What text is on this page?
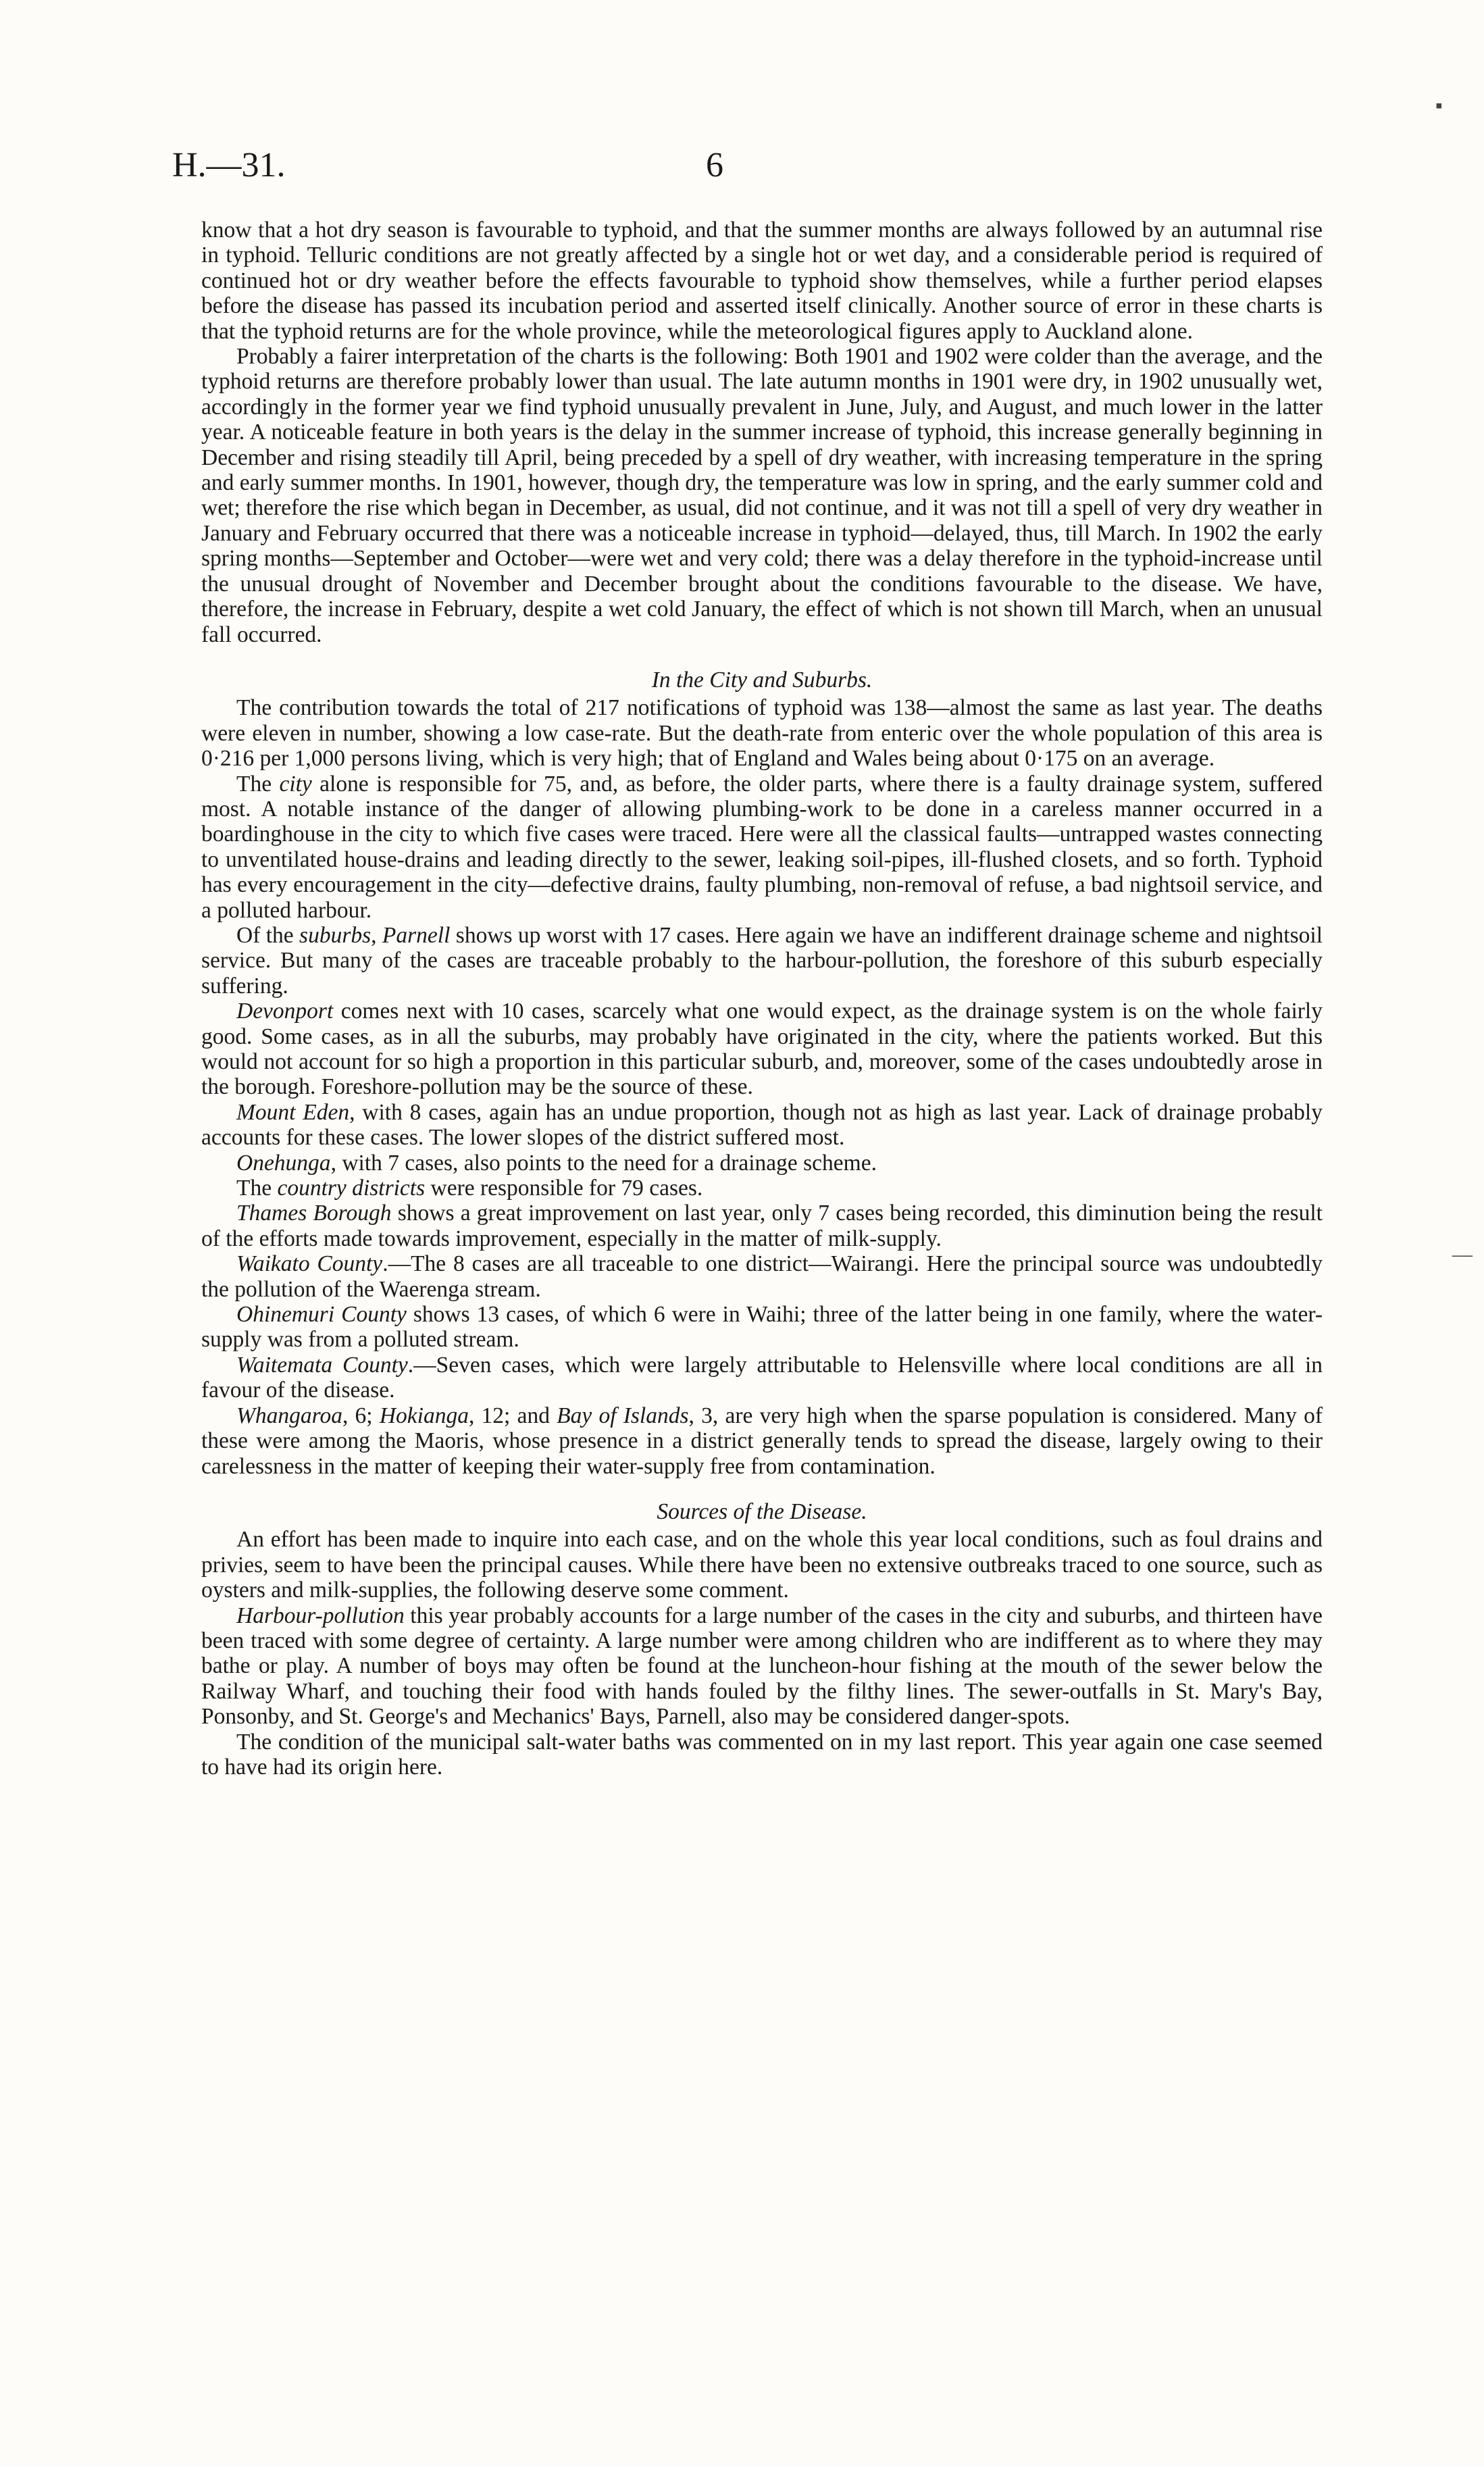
H.—31.	6

know that a hot dry season is favourable to typhoid, and that the summer months are always followed by an autumnal rise in typhoid. Telluric conditions are not greatly affected by a single hot or wet day, and a considerable period is required of continued hot or dry weather before the effects favourable to typhoid show themselves, while a further period elapses before the disease has passed its incubation period and asserted itself clinically. Another source of error in these charts is that the typhoid returns are for the whole province, while the meteorological figures apply to Auckland alone.

Probably a fairer interpretation of the charts is the following: Both 1901 and 1902 were colder than the average, and the typhoid returns are therefore probably lower than usual. The late autumn months in 1901 were dry, in 1902 unusually wet, accordingly in the former year we find typhoid unusually prevalent in June, July, and August, and much lower in the latter year. A noticeable feature in both years is the delay in the summer increase of typhoid, this increase generally beginning in December and rising steadily till April, being preceded by a spell of dry weather, with increasing temperature in the spring and early summer months. In 1901, however, though dry, the temperature was low in spring, and the early summer cold and wet; therefore the rise which began in December, as usual, did not continue, and it was not till a spell of very dry weather in January and February occurred that there was a noticeable increase in typhoid—delayed, thus, till March. In 1902 the early spring months—September and October—were wet and very cold; there was a delay therefore in the typhoid-increase until the unusual drought of November and December brought about the conditions favourable to the disease. We have, therefore, the increase in February, despite a wet cold January, the effect of which is not shown till March, when an unusual fall occurred.

In the City and Suburbs.

The contribution towards the total of 217 notifications of typhoid was 138—almost the same as last year. The deaths were eleven in number, showing a low case-rate. But the death-rate from enteric over the whole population of this area is 0·216 per 1,000 persons living, which is very high; that of England and Wales being about 0·175 on an average.

The city alone is responsible for 75, and, as before, the older parts, where there is a faulty drainage system, suffered most. A notable instance of the danger of allowing plumbing-work to be done in a careless manner occurred in a boardinghouse in the city to which five cases were traced. Here were all the classical faults—untrapped wastes connecting to unventilated house-drains and leading directly to the sewer, leaking soil-pipes, ill-flushed closets, and so forth. Typhoid has every encouragement in the city—defective drains, faulty plumbing, non-removal of refuse, a bad nightsoil service, and a polluted harbour.

Of the suburbs, Parnell shows up worst with 17 cases. Here again we have an indifferent drainage scheme and nightsoil service. But many of the cases are traceable probably to the harbour-pollution, the foreshore of this suburb especially suffering.

Devonport comes next with 10 cases, scarcely what one would expect, as the drainage system is on the whole fairly good. Some cases, as in all the suburbs, may probably have originated in the city, where the patients worked. But this would not account for so high a proportion in this particular suburb, and, moreover, some of the cases undoubtedly arose in the borough. Foreshore-pollution may be the source of these.

Mount Eden, with 8 cases, again has an undue proportion, though not as high as last year. Lack of drainage probably accounts for these cases. The lower slopes of the district suffered most.

Onehunga, with 7 cases, also points to the need for a drainage scheme.

The country districts were responsible for 79 cases.

Thames Borough shows a great improvement on last year, only 7 cases being recorded, this diminution being the result of the efforts made towards improvement, especially in the matter of milk-supply.

Waikato County.—The 8 cases are all traceable to one district—Wairangi. Here the principal source was undoubtedly the pollution of the Waerenga stream.

Ohinemuri County shows 13 cases, of which 6 were in Waihi; three of the latter being in one family, where the water-supply was from a polluted stream.

Waitemata County.—Seven cases, which were largely attributable to Helensville where local conditions are all in favour of the disease.

Whangaroa, 6; Hokianga, 12; and Bay of Islands, 3, are very high when the sparse population is considered. Many of these were among the Maoris, whose presence in a district generally tends to spread the disease, largely owing to their carelessness in the matter of keeping their water-supply free from contamination.

Sources of the Disease.

An effort has been made to inquire into each case, and on the whole this year local conditions, such as foul drains and privies, seem to have been the principal causes. While there have been no extensive outbreaks traced to one source, such as oysters and milk-supplies, the following deserve some comment.

Harbour-pollution this year probably accounts for a large number of the cases in the city and suburbs, and thirteen have been traced with some degree of certainty. A large number were among children who are indifferent as to where they may bathe or play. A number of boys may often be found at the luncheon-hour fishing at the mouth of the sewer below the Railway Wharf, and touching their food with hands fouled by the filthy lines. The sewer-outfalls in St. Mary's Bay, Ponsonby, and St. George's and Mechanics' Bays, Parnell, also may be considered danger-spots.

The condition of the municipal salt-water baths was commented on in my last report. This year again one case seemed to have had its origin here.

▪
—
